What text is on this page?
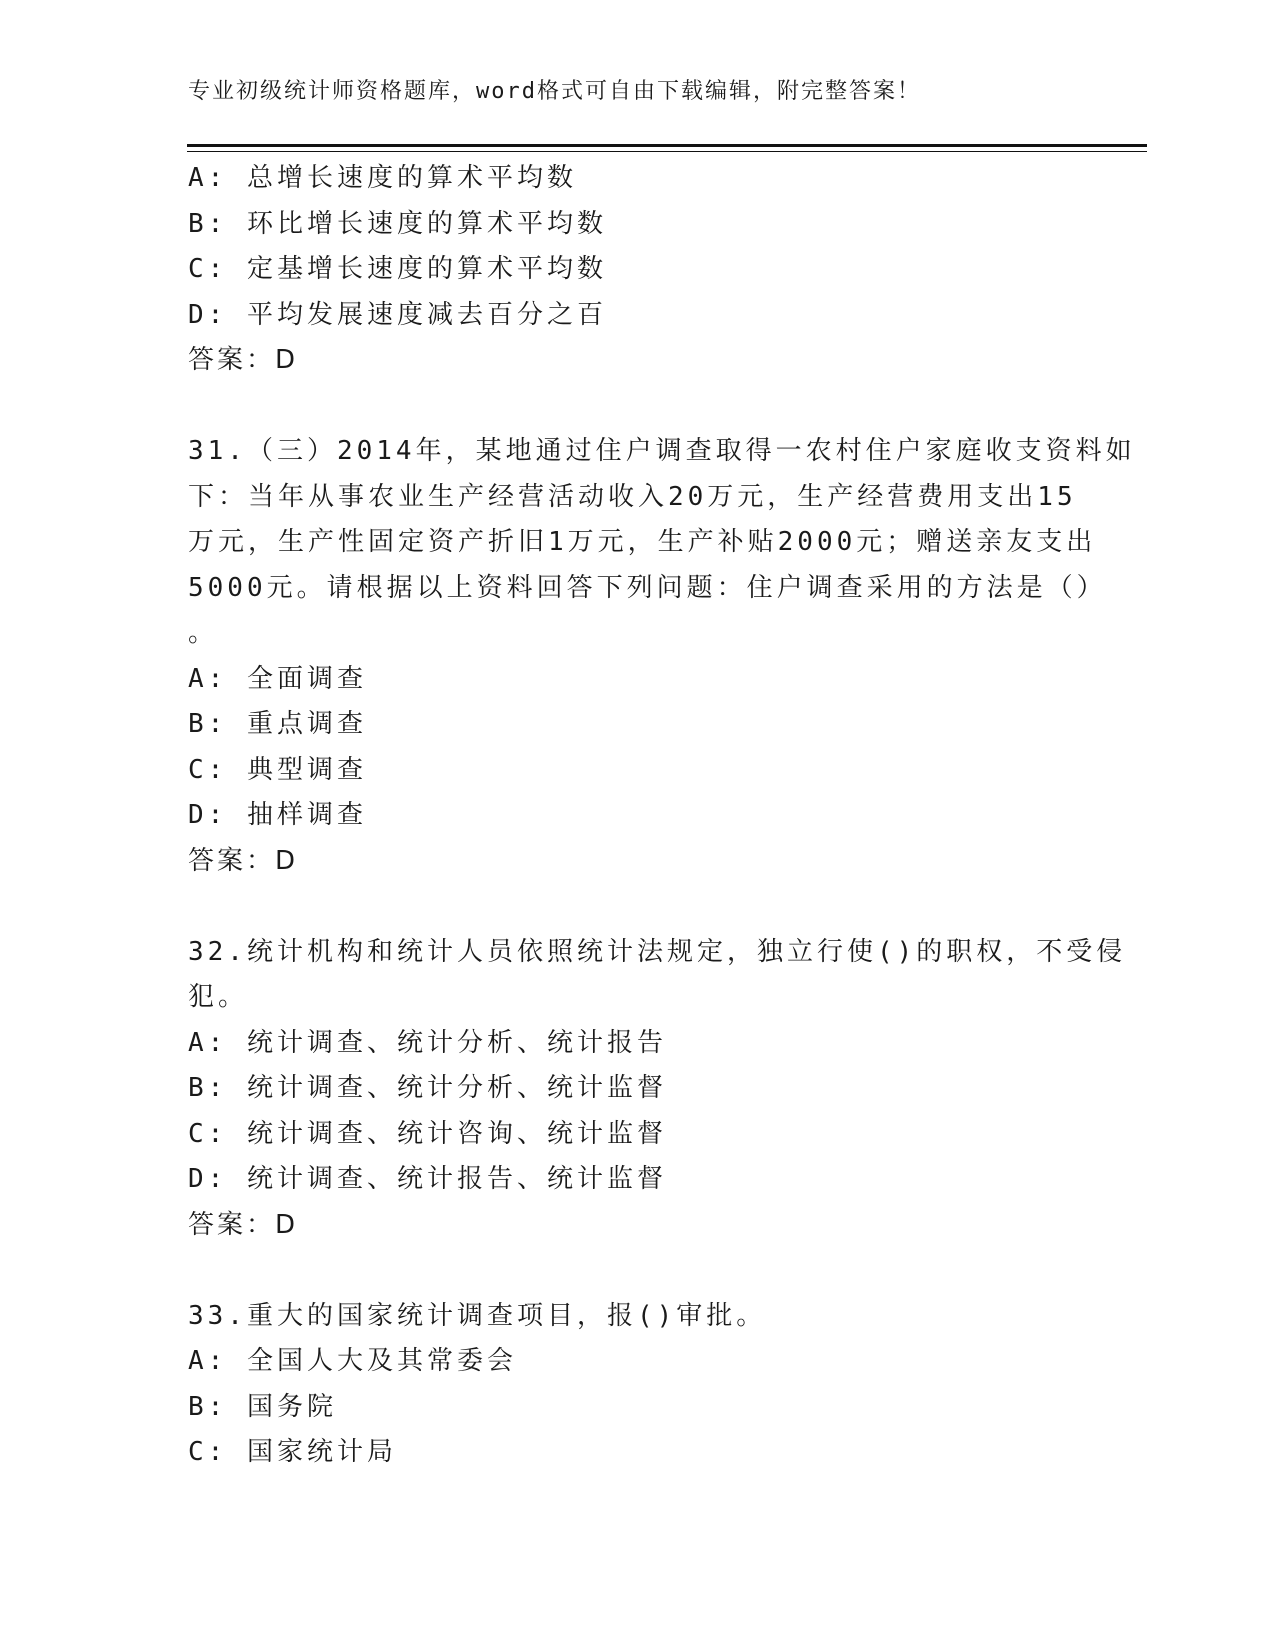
专业初级统计师资格题库，word格式可自由下载编辑，附完整答案！
A: 总增长速度的算术平均数
B: 环比增长速度的算术平均数
C: 定基增长速度的算术平均数
D: 平均发展速度减去百分之百
答案：D
31.（三）2014年，某地通过住户调查取得一农村住户家庭收支资料如
下：当年从事农业生产经营活动收入20万元，生产经营费用支出15
万元，生产性固定资产折旧1万元，生产补贴2000元；赠送亲友支出
5000元。请根据以上资料回答下列问题：住户调查采用的方法是（）
。
A: 全面调查
B: 重点调查
C: 典型调查
D: 抽样调查
答案：D
32.统计机构和统计人员依照统计法规定，独立行使()的职权，不受侵
犯。
A: 统计调查、统计分析、统计报告
B: 统计调查、统计分析、统计监督
C: 统计调查、统计咨询、统计监督
D: 统计调查、统计报告、统计监督
答案：D
33.重大的国家统计调查项目，报()审批。
A: 全国人大及其常委会
B: 国务院
C: 国家统计局
